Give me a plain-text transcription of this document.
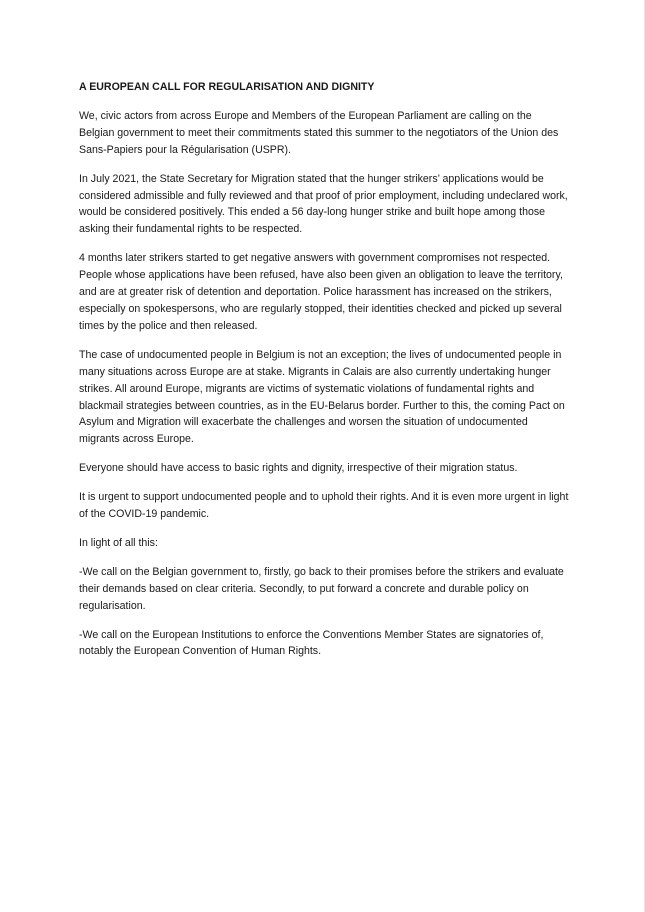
A EUROPEAN CALL FOR REGULARISATION AND DIGNITY

We, civic actors from across Europe and Members of the European Parliament are calling on the Belgian government to meet their commitments stated this summer to the negotiators of the Union des Sans-Papiers pour la Régularisation (USPR).

In July 2021, the State Secretary for Migration stated that the hunger strikers’ applications would be considered admissible and fully reviewed and that proof of prior employment, including undeclared work, would be considered positively. This ended a 56 day-long hunger strike and built hope among those asking their fundamental rights to be respected.

4 months later strikers started to get negative answers with government compromises not respected. People whose applications have been refused, have also been given an obligation to leave the territory, and are at greater risk of detention and deportation. Police harassment has increased on the strikers, especially on spokespersons, who are regularly stopped, their identities checked and picked up several times by the police and then released.

The case of undocumented people in Belgium is not an exception; the lives of undocumented people in many situations across Europe are at stake. Migrants in Calais are also currently undertaking hunger strikes. All around Europe, migrants are victims of systematic violations of fundamental rights and blackmail strategies between countries, as in the EU-Belarus border. Further to this, the coming Pact on Asylum and Migration will exacerbate the challenges and worsen the situation of undocumented migrants across Europe.

Everyone should have access to basic rights and dignity, irrespective of their migration status.

It is urgent to support undocumented people and to uphold their rights. And it is even more urgent in light of the COVID-19 pandemic.

In light of all this:

-We call on the Belgian government to, firstly, go back to their promises before the strikers and evaluate their demands based on clear criteria. Secondly, to put forward a concrete and durable policy on regularisation.

-We call on the European Institutions to enforce the Conventions Member States are signatories of, notably the European Convention of Human Rights.
